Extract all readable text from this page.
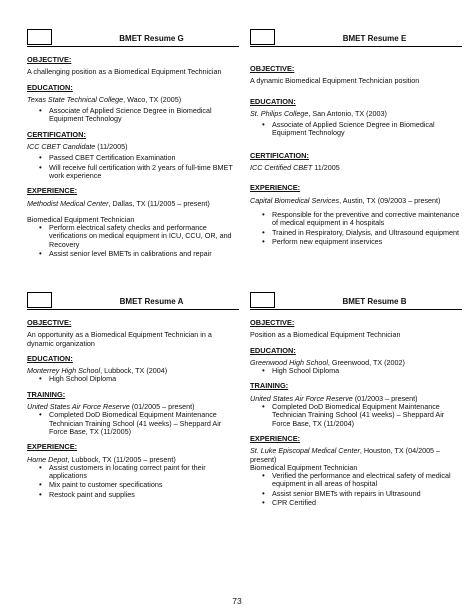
BMET Resume G
OBJECTIVE:

A challenging position as a Biomedical Equipment Technician

EDUCATION:

Texas State Technical College, Waco, TX (2005)

• Associate of Applied Science Degree in Biomedical Equipment Technology
CERTIFICATION:

ICC CBET Candidate (11/2005)

• Passed CBET Certification Examination
• Will receive full certification with 2 years of full-time BMET work experience
EXPERIENCE:

Methodist Medical Center, Dallas, TX (11/2005 – present)

Biomedical Equipment Technician

• Perform electrical safety checks and performance verifications on medical equipment in ICU, CCU, OR, and Recovery
• Assist senior level BMETs in calibrations and repair
BMET Resume E
OBJECTIVE:

A dynamic Biomedical Equipment Technician position

EDUCATION:

St. Philips College, San Antonio, TX (2003)

• Associate of Applied Science Degree in Biomedical Equipment Technology
CERTIFICATION:

ICC Certified CBET 11/2005

EXPERIENCE:

Capital Biomedical Services, Austin, TX (09/2003 – present)

• Responsible for the preventive and corrective maintenance of medical equipment in 4 hospitals
• Trained in Respiratory, Dialysis, and Ultrasound equipment
• Perform new equipment inservices
BMET Resume A
OBJECTIVE:

An opportunity as a Biomedical Equipment Technician in a dynamic organization

EDUCATION:

Monterrey High School, Lubbock, TX (2004)

• High School Diploma
TRAINING:

United States Air Force Reserve (01/2005 – present)

• Completed DoD Biomedical Equipment Maintenance Technician Training School (41 weeks) – Sheppard Air Force Base, TX (11/2005)
EXPERIENCE:

Home Depot, Lubbock, TX (11/2005 – present)

• Assist customers in locating correct paint for their applications
• Mix paint to customer specifications
• Restock paint and supplies
BMET Resume B
OBJECTIVE:

Position as a Biomedical Equipment Technician

EDUCATION:

Greenwood High School, Greenwood, TX (2002)

• High School Diploma
TRAINING:

United States Air Force Reserve (01/2003 – present)

• Completed DoD Biomedical Equipment Maintenance Technician Training School (41 weeks) – Sheppard Air Force Base, TX (11/2004)
EXPERIENCE:

St. Luke Episcopal Medical Center, Houston, TX (04/2005 – present)

Biomedical Equipment Technician

• Verified the performance and electrical safety of medical equipment in all areas of hospital
• Assist senior BMETs with repairs in Ultrasound
• CPR Certified
73
